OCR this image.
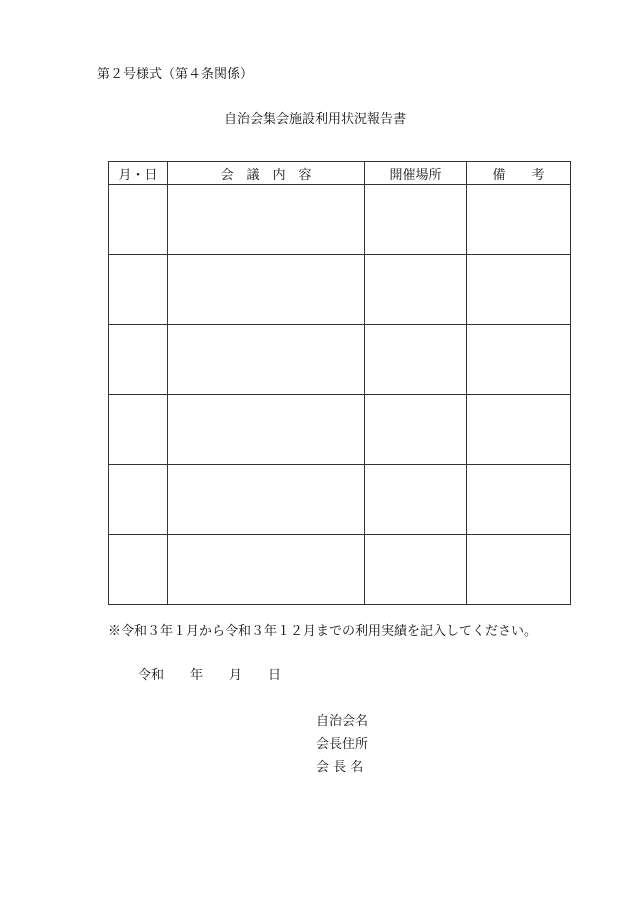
第２号様式（第４条関係）
自治会集会施設利用状況報告書
月・日	会　議　内　容	開催場所	備　　考

※令和３年１月から令和３年１２月までの利用実績を記入してください。
令和　　年　　月　　日
自治会名
会長住所
会 長 名
